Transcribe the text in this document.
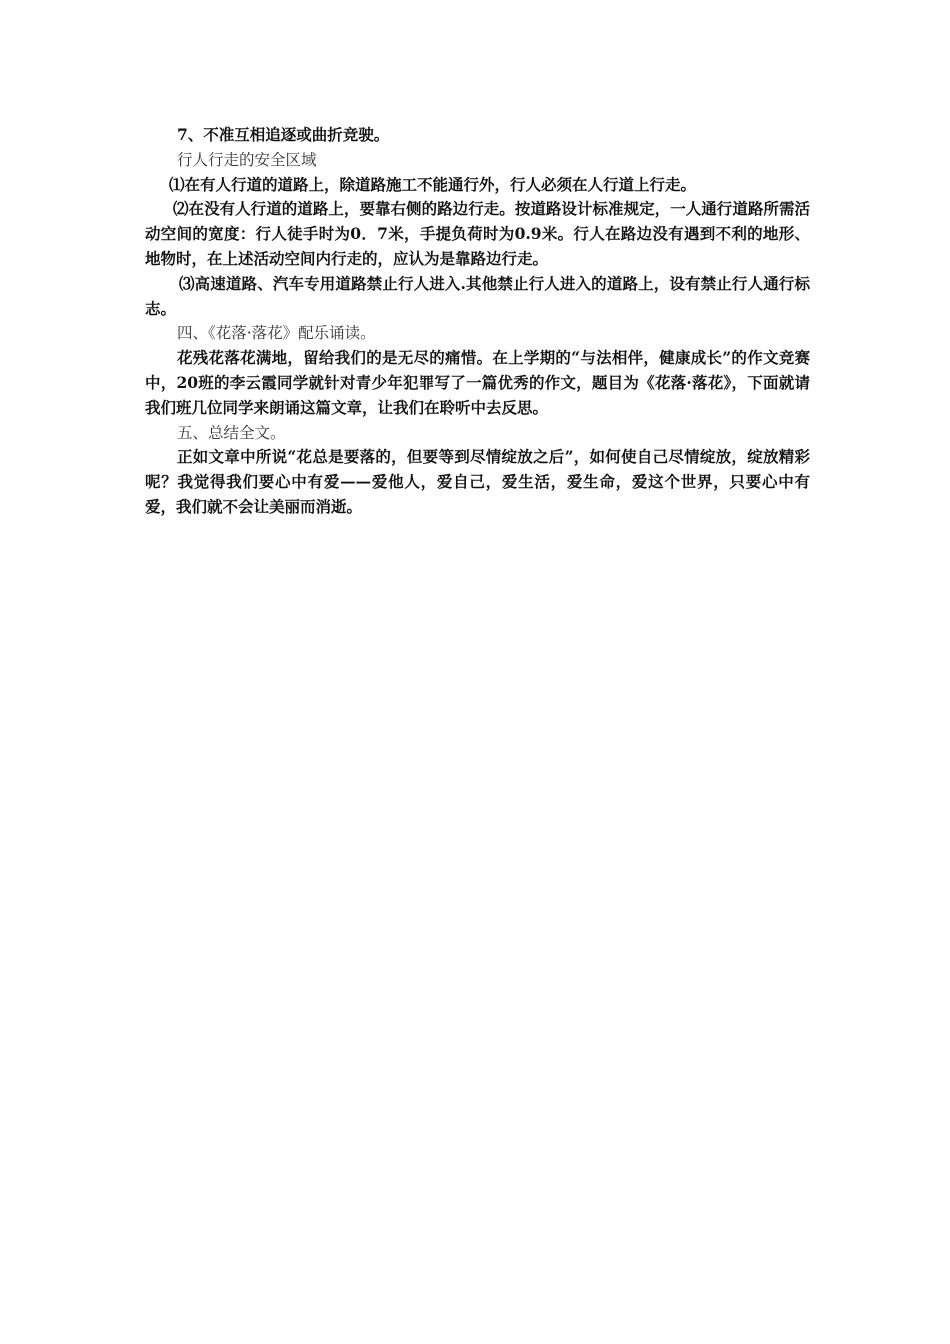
7、不准互相追逐或曲折竞驶。

行人行走的安全区域

⑴在有人行道的道路上，除道路施工不能通行外，行人必须在人行道上行走。

⑵在没有人行道的道路上，要靠右侧的路边行走。按道路设计标准规定，一人通行道路所需活动空间的宽度：行人徒手时为0．7米，手提负荷时为0.9米。行人在路边没有遇到不利的地形、地物时，在上述活动空间内行走的，应认为是靠路边行走。

⑶高速道路、汽车专用道路禁止行人进入.其他禁止行人进入的道路上，设有禁止行人通行标志。

四、《花落·落花》配乐诵读。

花残花落花满地，留给我们的是无尽的痛惜。在上学期的“与法相伴，健康成长”的作文竞赛中，20班的李云霞同学就针对青少年犯罪写了一篇优秀的作文，题目为《花落·落花》，下面就请我们班几位同学来朗诵这篇文章，让我们在聆听中去反思。

五、总结全文。

正如文章中所说“花总是要落的，但要等到尽情绽放之后”，如何使自己尽情绽放，绽放精彩呢？我觉得我们要心中有爱——爱他人，爱自己，爱生活，爱生命，爱这个世界，只要心中有爱，我们就不会让美丽而消逝。
